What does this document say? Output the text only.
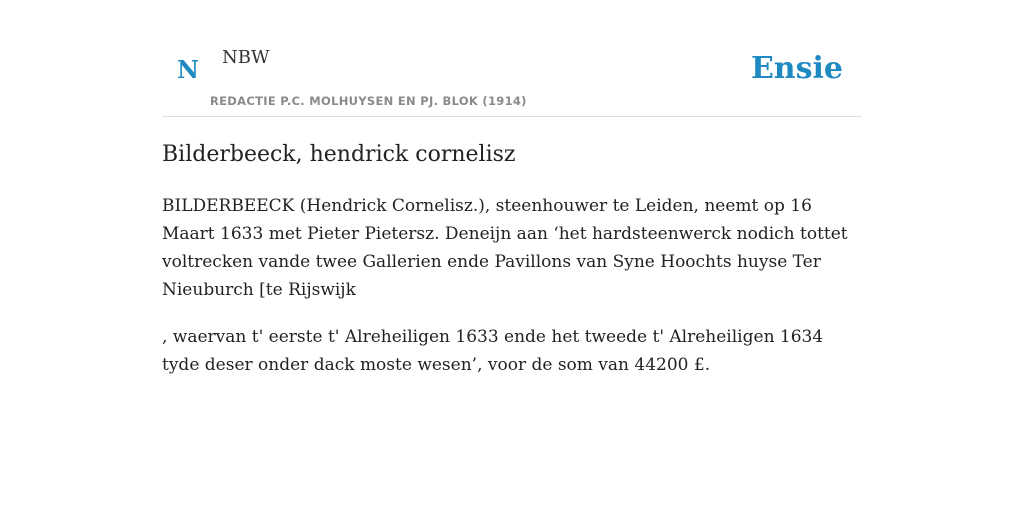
N NBW
REDACTIE P.C. MOLHUYSEN EN PJ. BLOK (1914)
Ensie
Bilderbeeck, hendrick cornelisz

BILDERBEECK (Hendrick Cornelisz.), steenhouwer te Leiden, neemt op 16 Maart 1633 met Pieter Pietersz. Deneijn aan ‘het hardsteenwerck nodich tottet voltrecken vande twee Gallerien ende Pavillons van Syne Hoochts huyse Ter Nieuburch [te Rijswijk

, waervan t' eerste t' Alreheiligen 1633 ende het tweede t' Alreheiligen 1634 tyde deser onder dack moste wesen’, voor de som van 44200 £.
